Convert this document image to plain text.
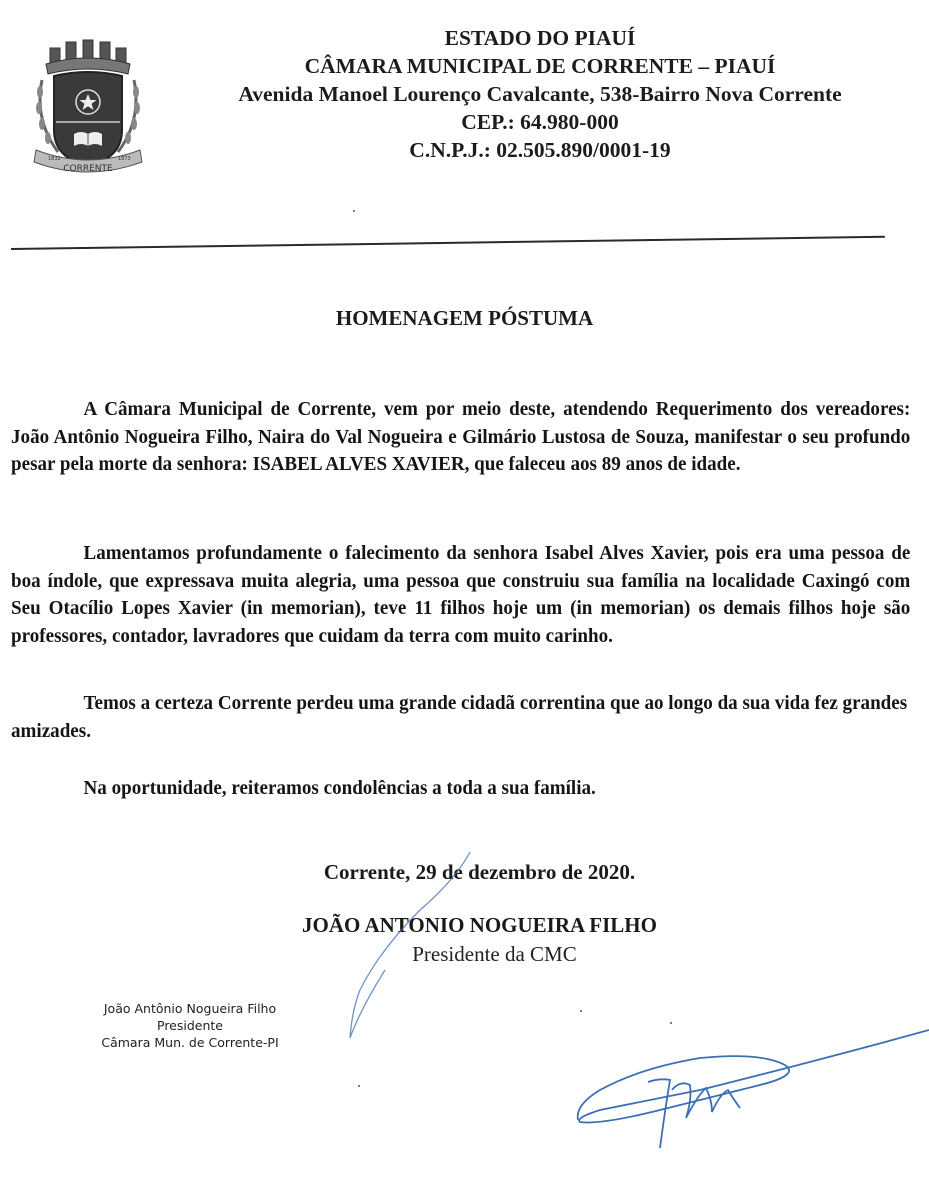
CORRENTE
1832	1873
ESTADO DO PIAUÍ
CÂMARA MUNICIPAL DE CORRENTE – PIAUÍ
Avenida Manoel Lourenço Cavalcante, 538-Bairro Nova Corrente
CEP.: 64.980-000
C.N.P.J.: 02.505.890/0001-19
HOMENAGEM PÓSTUMA

A Câmara Municipal de Corrente, vem por meio deste, atendendo Requerimento dos vereadores: João Antônio Nogueira Filho, Naira do Val Nogueira e Gilmário Lustosa de Souza, manifestar o seu profundo pesar pela morte da senhora: ISABEL ALVES XAVIER, que faleceu aos 89 anos de idade.

Lamentamos profundamente o falecimento da senhora Isabel Alves Xavier, pois era uma pessoa de boa índole, que expressava muita alegria, uma pessoa que construiu sua família na localidade Caxingó com Seu Otacílio Lopes Xavier (in memorian), teve 11 filhos hoje um (in memorian) os demais filhos hoje são professores, contador, lavradores que cuidam da terra com muito carinho.

Temos a certeza Corrente perdeu uma grande cidadã correntina que ao longo da sua vida fez grandes amizades.

Na oportunidade, reiteramos condolências a toda a sua família.

Corrente, 29 de dezembro de 2020.
JOÃO ANTONIO NOGUEIRA FILHO
Presidente da CMC
João Antônio Nogueira Filho
Presidente
Câmara Mun. de Corrente-PI
